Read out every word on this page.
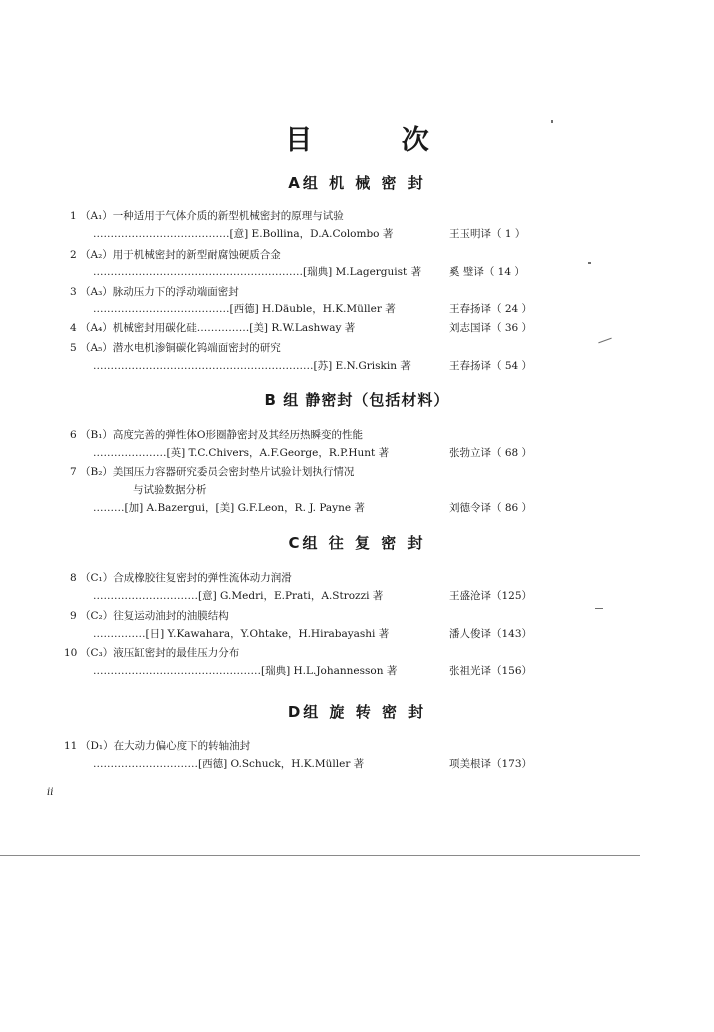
目	次
A组 机 械 密 封
1 （A₁）一种适用于气体介质的新型机械密封的原理与试验
…………………………………[意] E.Bollina，D.A.Colombo 著	王玉明译（ 1 ）
2 （A₂）用于机械密封的新型耐腐蚀硬质合金
……………………………………………………[瑞典] M.Lagerguist 著	奚 璧译（ 14 ）
3 （A₃）脉动压力下的浮动端面密封
…………………………………[西德] H.Däuble，H.K.Müller 著	王春扬译（ 24 ）
4 （A₄）机械密封用碳化硅……………[美] R.W.Lashway 著	刘志国译（ 36 ）
5 （A₅）潜水电机渗铜碳化钨端面密封的研究
………………………………………………………[苏] E.N.Griskin 著	王春扬译（ 54 ）
B 组 静密封（包括材料）
6 （B₁）高度完善的弹性体O形圈静密封及其经历热瞬变的性能
…………………[英] T.C.Chivers，A.F.George，R.P.Hunt 著	张勃立译（ 68 ）
7 （B₂）美国压力容器研究委员会密封垫片试验计划执行情况
与试验数据分析
………[加] A.Bazergui，[美] G.F.Leon，R. J. Payne 著	刘德令译（ 86 ）
C组 往 复 密 封
8 （C₁）合成橡胶往复密封的弹性流体动力润滑
…………………………[意] G.Medri，E.Prati，A.Strozzi 著	王盛沧译（125）
9 （C₂）往复运动油封的油膜结构
……………[日] Y.Kawahara，Y.Ohtake，H.Hirabayashi 著	潘人俊译（143）
10 （C₃）液压缸密封的最佳压力分布
…………………………………………[瑞典] H.L.Johannesson 著	张祖光译（156）
D组 旋 转 密 封
11 （D₁）在大动力偏心度下的转轴油封
…………………………[西德] O.Schuck，H.K.Müller 著	项美根译（173）
ii
